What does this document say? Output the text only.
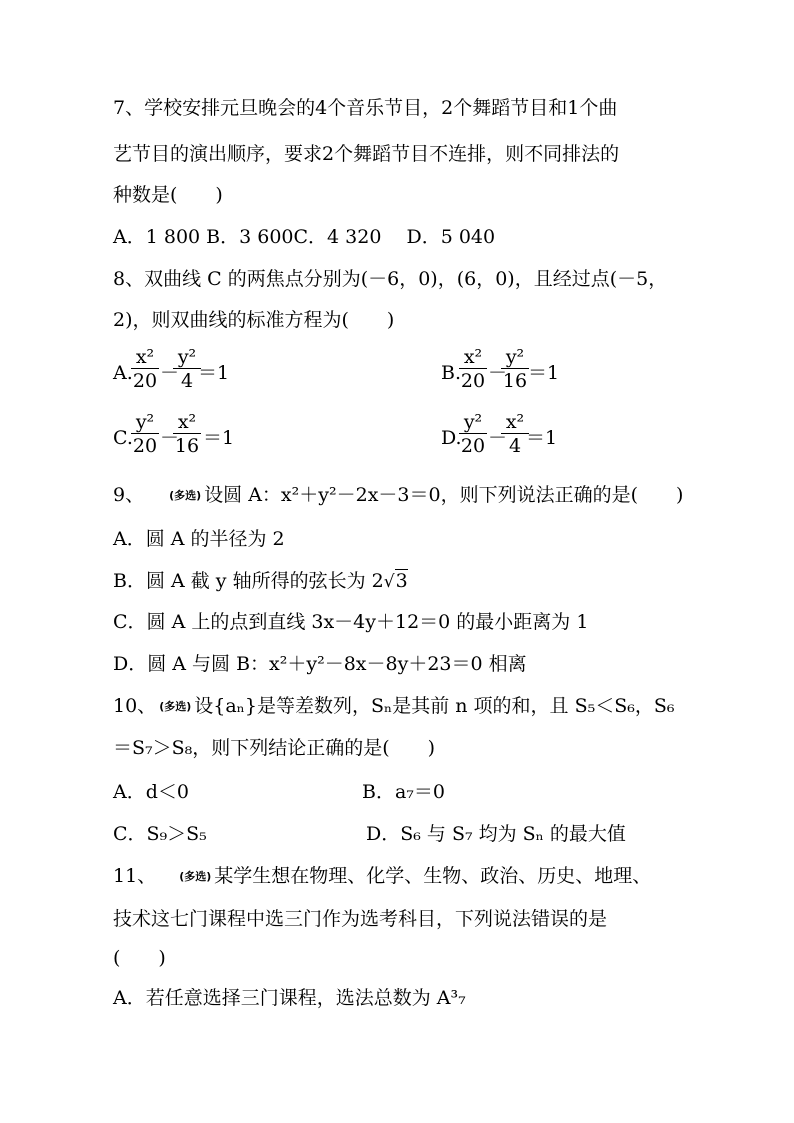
7、学校安排元旦晚会的4个音乐节目，2个舞蹈节目和1个曲
艺节目的演出顺序，要求2个舞蹈节目不连排，则不同排法的
种数是(　　)
A．1 800 B．3 600C．4 320　 D．5 040
8、双曲线 C 的两焦点分别为(－6，0)，(6，0)，且经过点(－5，
2)，则双曲线的标准方程为(　　)
A.
x²
20 －
y²
4 ＝1	B.
x²
20 －
y²
16 ＝1
C.
y²
20 －
x²
16 ＝1	D.
y²
20 －
x²
4 ＝1
9、 (多选) 设圆 A：x²＋y²－2x－3＝0，则下列说法正确的是(　　)
A．圆 A 的半径为 2
B．圆 A 截 y 轴所得的弦长为 2√3
C．圆 A 上的点到直线 3x－4y＋12＝0 的最小距离为 1
D．圆 A 与圆 B：x²＋y²－8x－8y＋23＝0 相离
10、 (多选) 设{aₙ}是等差数列，Sₙ是其前 n 项的和，且 S₅＜S₆，S₆
＝S₇＞S₈，则下列结论正确的是(　　)
A．d＜0	B．a₇＝0
C．S₉＞S₅	D．S₆ 与 S₇ 均为 Sₙ 的最大值
11、 (多选) 某学生想在物理、化学、生物、政治、历史、地理、
技术这七门课程中选三门作为选考科目，下列说法错误的是
(　　)
A．若任意选择三门课程，选法总数为 A³₇
